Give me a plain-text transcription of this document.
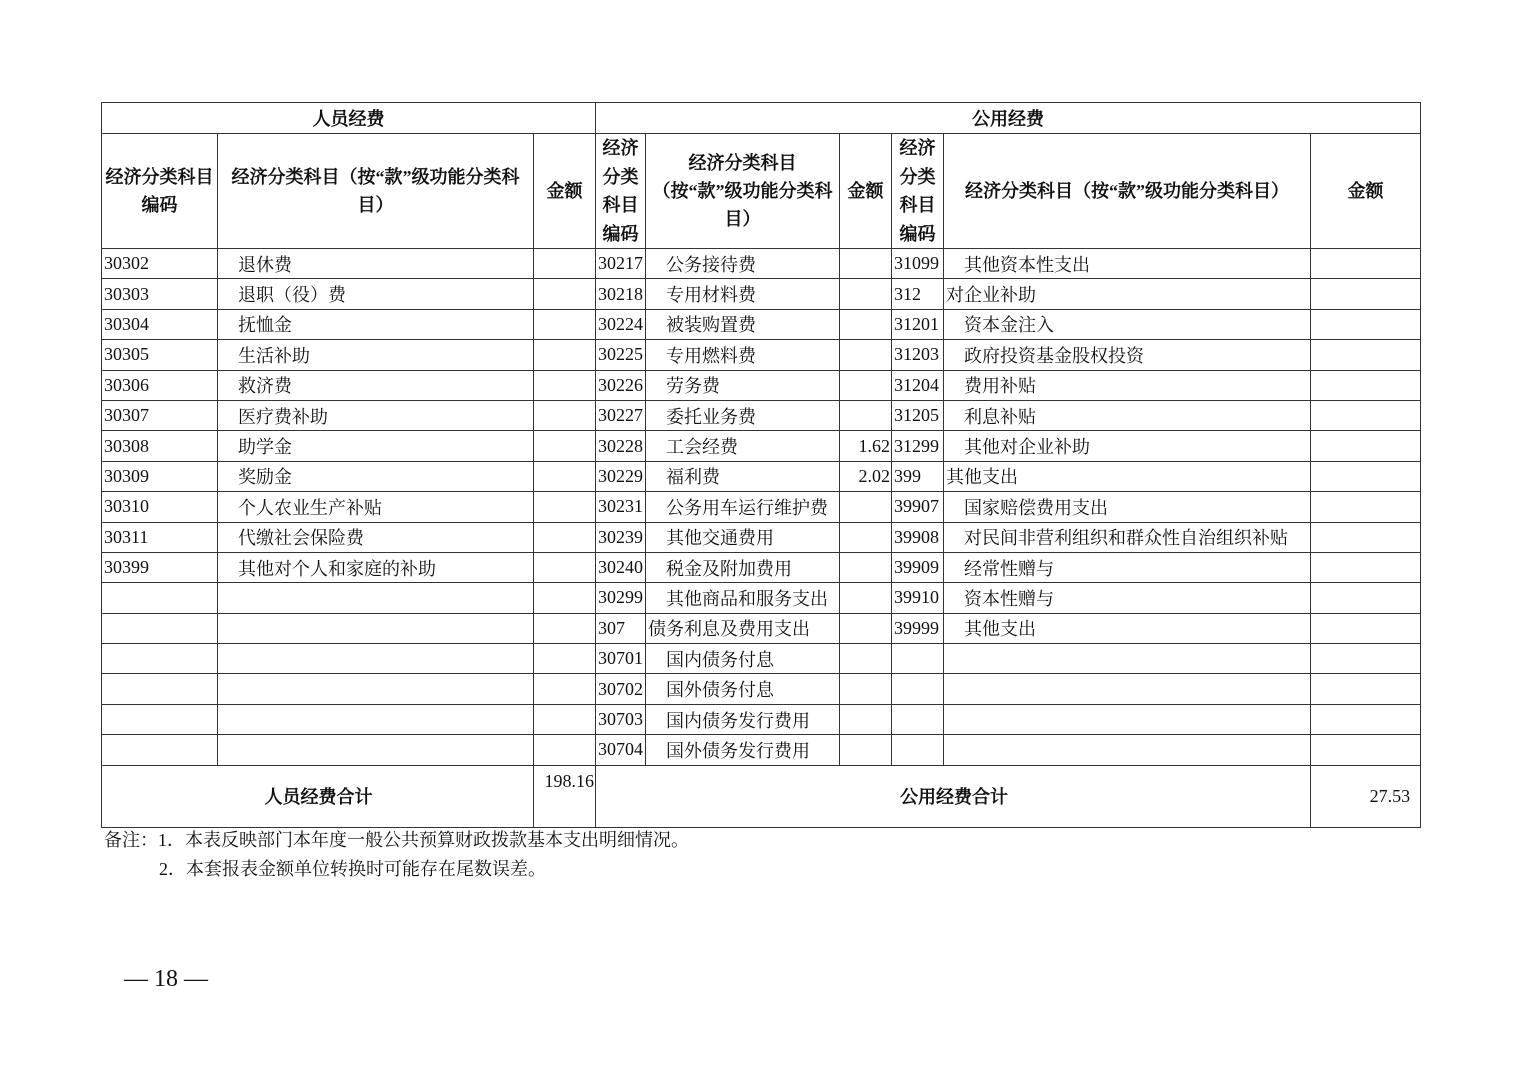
人员经费			公用经费					
经济分类科目编码	经济分类科目（按“款”级功能分类科目）	金额	经济分类科目编码	经济分类科目（按“款”级功能分类科目）	金额	经济分类科目编码	经济分类科目（按“款”级功能分类科目）	金额
30302	退休费		30217	公务接待费		31099	其他资本性支出	
30303	退职（役）费		30218	专用材料费		312	对企业补助	
30304	抚恤金		30224	被装购置费		31201	资本金注入	
30305	生活补助		30225	专用燃料费		31203	政府投资基金股权投资	
30306	救济费		30226	劳务费		31204	费用补贴	
30307	医疗费补助		30227	委托业务费		31205	利息补贴	
30308	助学金		30228	工会经费	1.62	31299	其他对企业补助	
30309	奖励金		30229	福利费	2.02	399	其他支出	
30310	个人农业生产补贴		30231	公务用车运行维护费		39907	国家赔偿费用支出	
30311	代缴社会保险费		30239	其他交通费用		39908	对民间非营利组织和群众性自治组织补贴	
30399	其他对个人和家庭的补助		30240	税金及附加费用		39909	经常性赠与	
			30299	其他商品和服务支出		39910	资本性赠与	
			307	债务利息及费用支出		39999	其他支出	
			30701	国内债务付息				
			30702	国外债务付息				
			30703	国内债务发行费用				
			30704	国外债务发行费用				
人员经费合计		198.16	公用经费合计					27.53
备注：1．本表反映部门本年度一般公共预算财政拨款基本支出明细情况。
2．本套报表金额单位转换时可能存在尾数误差。
— 18 —
